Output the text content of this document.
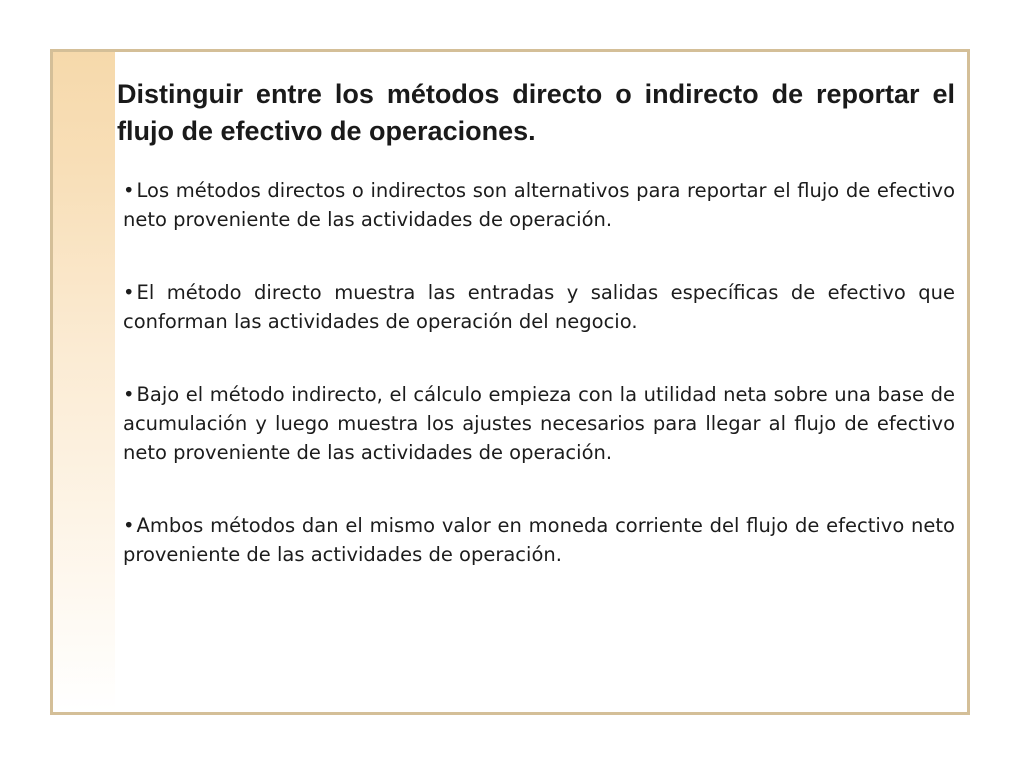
Distinguir entre los métodos directo o indirecto de reportar el flujo de efectivo de operaciones.
• Los métodos directos o indirectos son alternativos para reportar el flujo de efectivo neto proveniente de las actividades de operación.
• El método directo muestra las entradas y salidas específicas de efectivo que conforman las actividades de operación del negocio.
• Bajo el método indirecto, el cálculo empieza con la utilidad neta sobre una base de acumulación y luego muestra los ajustes necesarios para llegar al flujo de efectivo neto proveniente de las actividades de operación.
• Ambos métodos dan el mismo valor en moneda corriente del flujo de efectivo neto proveniente de las actividades de operación.
